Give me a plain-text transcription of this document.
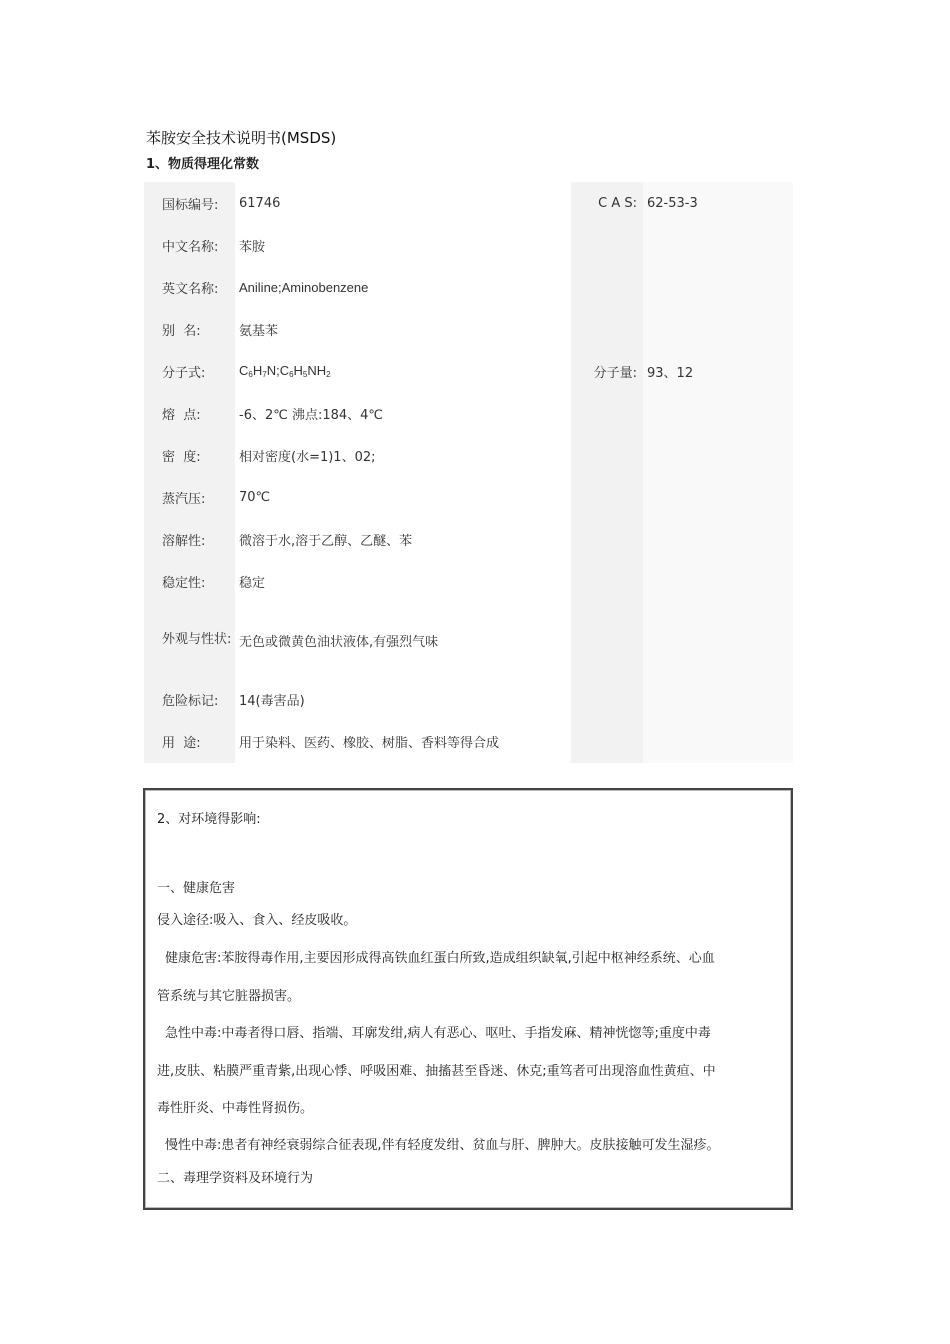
苯胺安全技术说明书(MSDS)
1、物质得理化常数
国标编号:	61746	C A S:	62-53-3
中文名称:	苯胺		
英文名称:	Aniline;Aminobenzene		
别  名:	氨基苯		
分子式:	$C_6H_7N;C_6H_5NH_2$	分子量:	93、12
熔  点:	-6、2℃ 沸点:184、4℃		
密  度:	相对密度(水=1)1、02;		
蒸汽压:	70℃		
溶解性:	微溶于水,溶于乙醇、乙醚、苯		
稳定性:	稳定		
外观与性状:	无色或微黄色油状液体,有强烈气味		
危险标记:	14(毒害品)		
用  途:	用于染料、医药、橡胶、树脂、香料等得合成		
2、对环境得影响:
一、健康危害
侵入途径:吸入、食入、经皮吸收。
健康危害:苯胺得毒作用,主要因形成得高铁血红蛋白所致,造成组织缺氧,引起中枢神经系统、心血
管系统与其它脏器损害。
急性中毒:中毒者得口唇、指端、耳廓发绀,病人有恶心、呕吐、手指发麻、精神恍惚等;重度中毒
进,皮肤、粘膜严重青紫,出现心悸、呼吸困难、抽搐甚至昏迷、休克;重笃者可出现溶血性黄疸、中
毒性肝炎、中毒性肾损伤。
慢性中毒:患者有神经衰弱综合征表现,伴有轻度发绀、贫血与肝、脾肿大。皮肤接触可发生湿疹。
二、毒理学资料及环境行为
